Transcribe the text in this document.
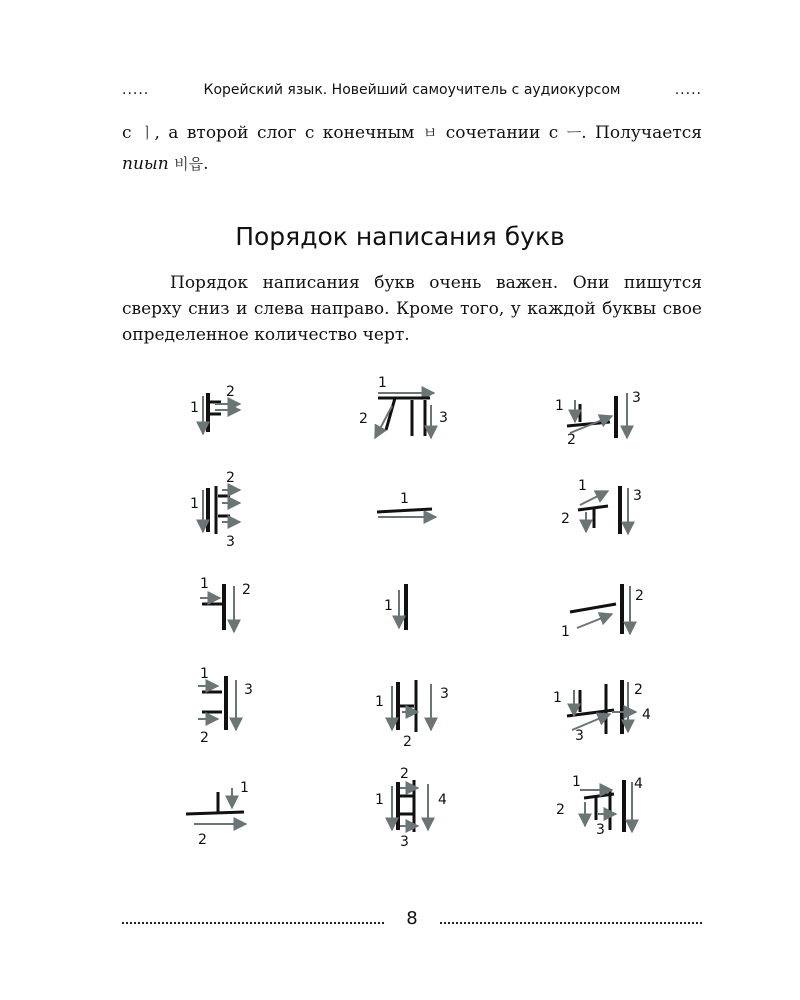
.....	Корейский язык. Новейший самоучитель с аудиокурсом	.....
с ㅣ, а второй слог с конечным ㅂ сочетании с ㅡ. Получается пиып 비읍.
Порядок написания букв

Порядок написания букв очень важен. Они пишутся сверху сниз и слева направо. Кроме того, у каждой буквы свое определенное количество черт.

1
2
1
2	3
1
2
3
1
2
3
1
1
2
3
1 2
1
1
2
1
2
3
1
2
3	1	2
3
4
1
2
1
2
3
4
1
2
3
4
8
